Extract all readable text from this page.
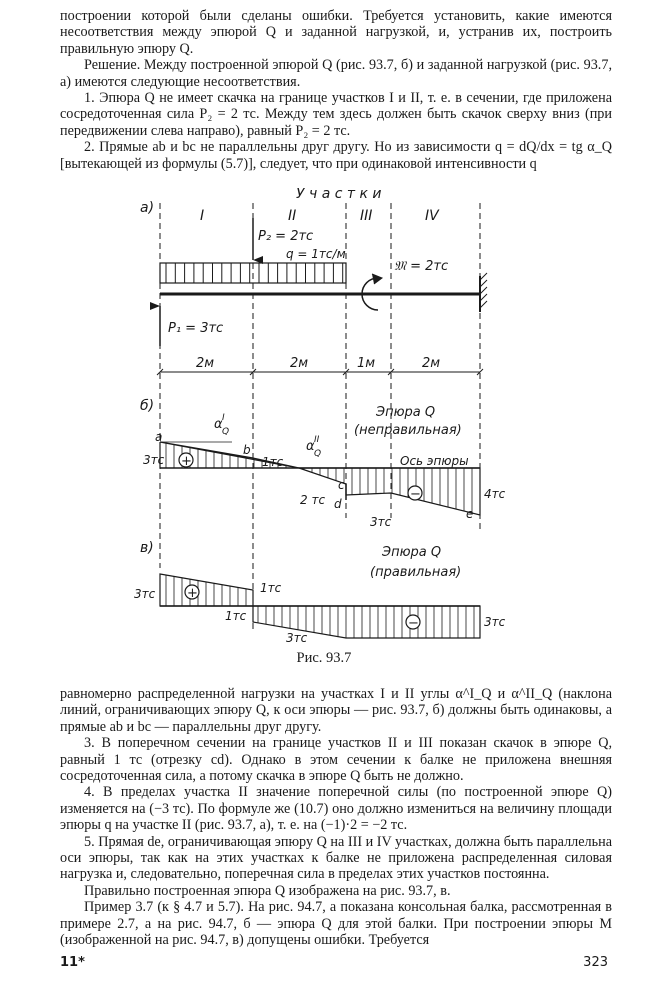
построении которой были сделаны ошибки. Требуется установить, какие имеются несоответствия между эпюрой Q и заданной нагрузкой, и, устранив их, построить правильную эпюру Q.

Решение. Между построенной эпюрой Q (рис. 93.7, б) и заданной нагрузкой (рис. 93.7, а) имеются следующие несоответствия.

1. Эпюра Q не имеет скачка на границе участков I и II, т. е. в сечении, где приложена сосредоточенная сила P₂ = 2 тс. Между тем здесь должен быть скачок сверху вниз (при передвижении слева направо), равный P₂ = 2 тс.

2. Прямые ab и bc не параллельны друг другу. Но из зависимости q = dQ/dx = tg α_Q [вытекающей из формулы (5.7)], следует, что при одинаковой интенсивности q

У ч а с т к и
а)	I	II	III	IV
P₂ = 2тс
q = 1тс/м
𝔐 = 2тс
P₁ = 3тс
2м	2м	1м	2м
б)	Эпюра Q
(неправильная)
Ось эпюры
+
−
a
b
c
d
e
α I
Q
α II
Q
3тс	1тс
2 тс
3тс
4тс
в)	Эпюра Q
(правильная)
+
−
3тс	1тс
1тс
3тс
3тс
Рис. 93.7

равномерно распределенной нагрузки на участках I и II углы α^I_Q и α^II_Q (наклона линий, ограничивающих эпюру Q, к оси эпюры — рис. 93.7, б) должны быть одинаковы, а прямые ab и bc — параллельны друг другу.

3. В поперечном сечении на границе участков II и III показан скачок в эпюре Q, равный 1 тс (отрезку cd). Однако в этом сечении к балке не приложена внешняя сосредоточенная сила, а потому скачка в эпюре Q быть не должно.

4. В пределах участка II значение поперечной силы (по построенной эпюре Q) изменяется на (−3 тс). По формуле же (10.7) оно должно измениться на величину площади эпюры q на участке II (рис. 93.7, а), т. е. на (−1)·2 = −2 тс.

5. Прямая de, ограничивающая эпюру Q на III и IV участках, должна быть параллельна оси эпюры, так как на этих участках к балке не приложена распределенная силовая нагрузка и, следовательно, поперечная сила в пределах этих участков постоянна.

Правильно построенная эпюра Q изображена на рис. 93.7, в.

Пример 3.7 (к § 4.7 и 5.7). На рис. 94.7, а показана консольная балка, рассмотренная в примере 2.7, а на рис. 94.7, б — эпюра Q для этой балки. При построении эпюры M (изображенной на рис. 94.7, в) допущены ошибки. Требуется

11*	323
